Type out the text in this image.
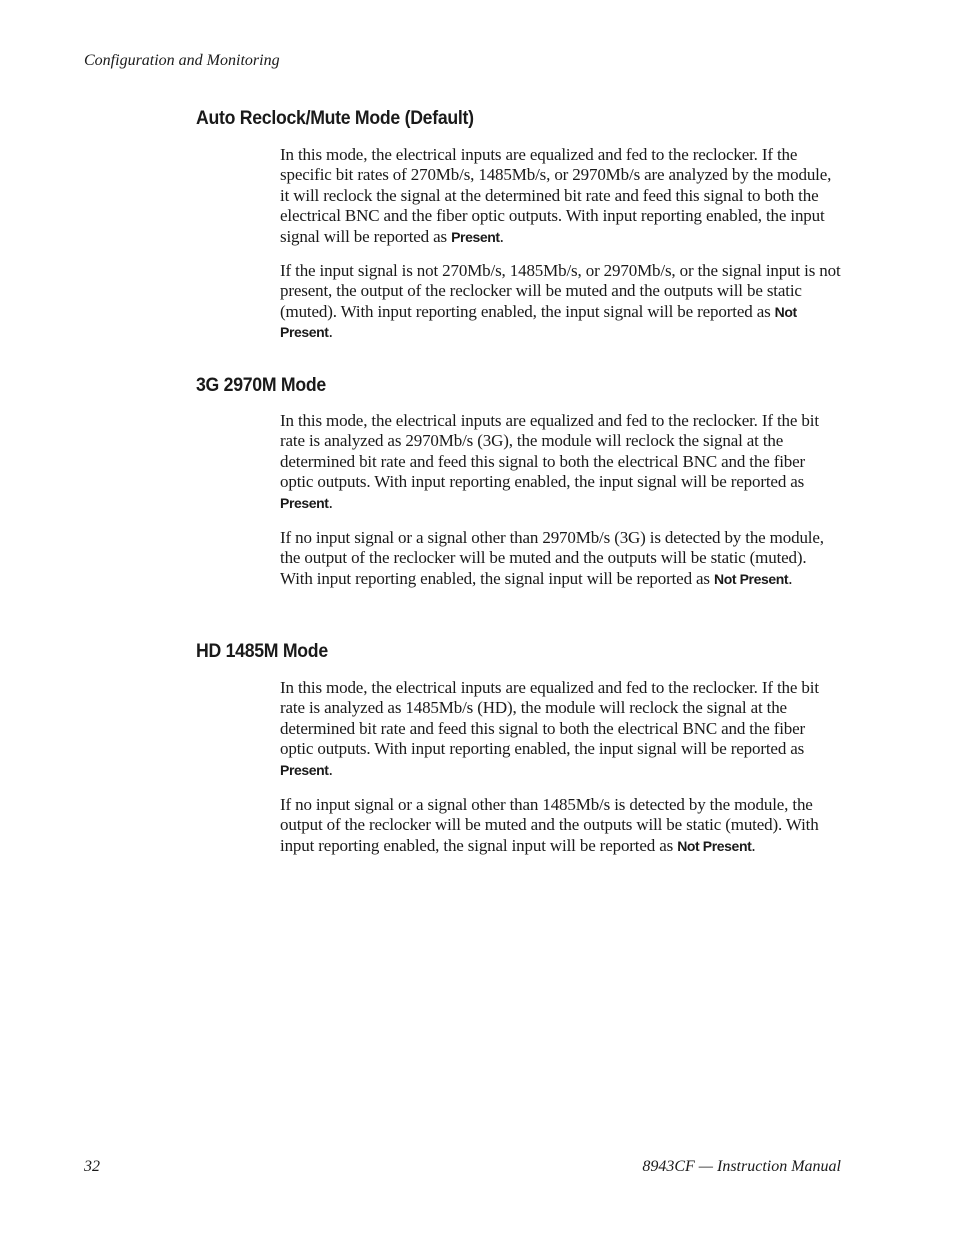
Configuration and Monitoring
Auto Reclock/Mute Mode (Default)

In this mode, the electrical inputs are equalized and fed to the reclocker. If the specific bit rates of 270Mb/s, 1485Mb/s, or 2970Mb/s are analyzed by the module, it will reclock the signal at the determined bit rate and feed this signal to both the electrical BNC and the fiber optic outputs. With input reporting enabled, the input signal will be reported as Present.

If the input signal is not 270Mb/s, 1485Mb/s, or 2970Mb/s, or the signal input is not present, the output of the reclocker will be muted and the outputs will be static (muted). With input reporting enabled, the input signal will be reported as Not Present.

3G 2970M Mode

In this mode, the electrical inputs are equalized and fed to the reclocker. If the bit rate is analyzed as 2970Mb/s (3G), the module will reclock the signal at the determined bit rate and feed this signal to both the electrical BNC and the fiber optic outputs. With input reporting enabled, the input signal will be reported as Present.

If no input signal or a signal other than 2970Mb/s (3G) is detected by the module, the output of the reclocker will be muted and the outputs will be static (muted). With input reporting enabled, the signal input will be reported as Not Present.

HD 1485M Mode

In this mode, the electrical inputs are equalized and fed to the reclocker. If the bit rate is analyzed as 1485Mb/s (HD), the module will reclock the signal at the determined bit rate and feed this signal to both the electrical BNC and the fiber optic outputs. With input reporting enabled, the input signal will be reported as Present.

If no input signal or a signal other than 1485Mb/s is detected by the module, the output of the reclocker will be muted and the outputs will be static (muted). With input reporting enabled, the signal input will be reported as Not Present.

32	8943CF — Instruction Manual
